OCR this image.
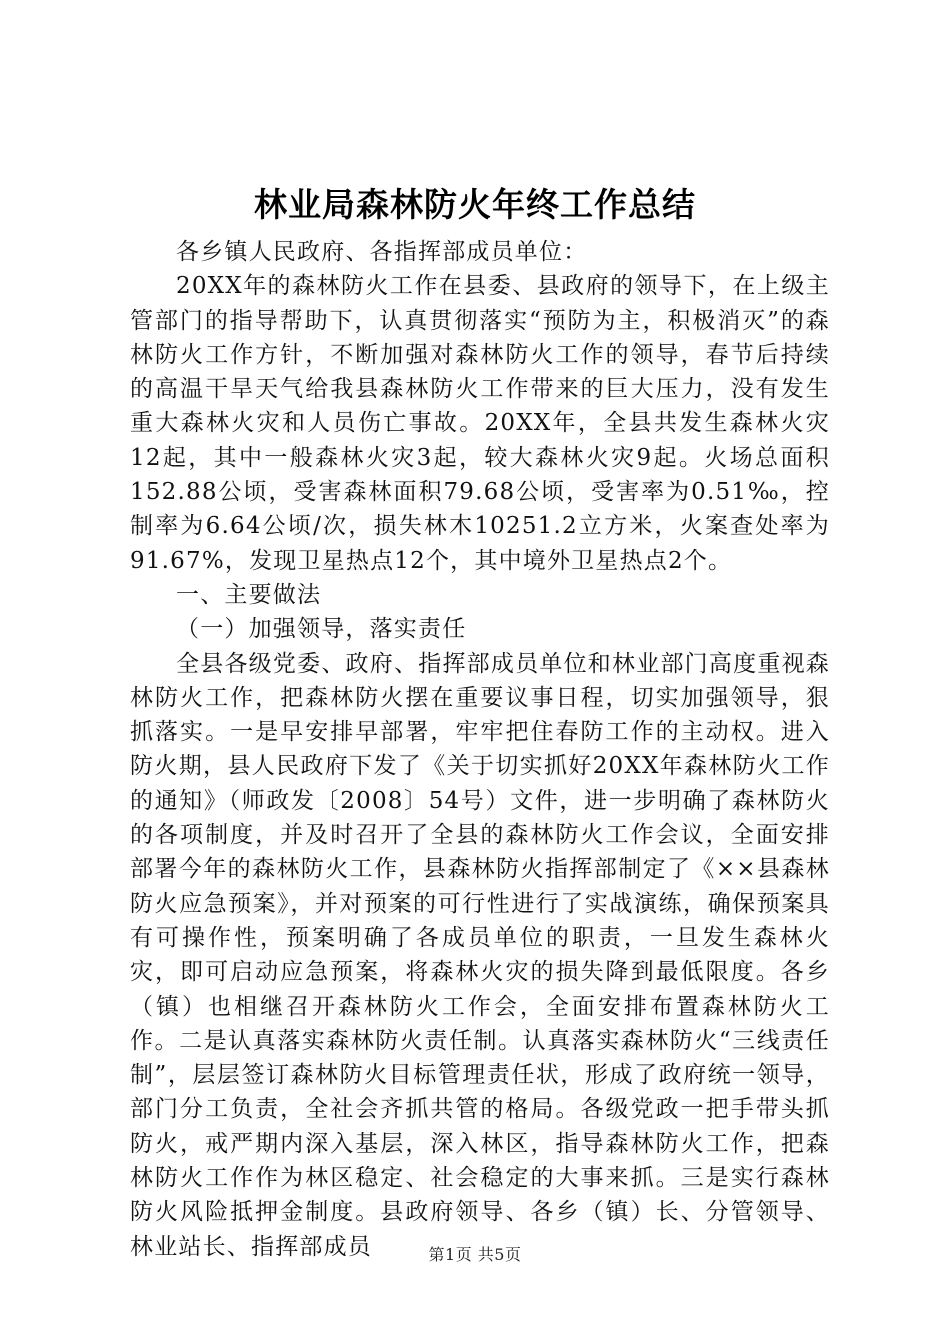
林业局森林防火年终工作总结

各乡镇人民政府、各指挥部成员单位：

20XX年的森林防火工作在县委、县政府的领导下，在上级主管部门的指导帮助下，认真贯彻落实“预防为主，积极消灭”的森林防火工作方针，不断加强对森林防火工作的领导，春节后持续的高温干旱天气给我县森林防火工作带来的巨大压力，没有发生重大森林火灾和人员伤亡事故。20XX年，全县共发生森林火灾12起，其中一般森林火灾3起，较大森林火灾9起。火场总面积152.88公顷，受害森林面积79.68公顷，受害率为0.51‰，控制率为6.64公顷/次，损失林木10251.2立方米，火案查处率为91.67%，发现卫星热点12个，其中境外卫星热点2个。

一、主要做法

（一）加强领导，落实责任

全县各级党委、政府、指挥部成员单位和林业部门高度重视森林防火工作，把森林防火摆在重要议事日程，切实加强领导，狠抓落实。一是早安排早部署，牢牢把住春防工作的主动权。进入防火期，县人民政府下发了《关于切实抓好20XX年森林防火工作的通知》（师政发〔2008〕54号）文件，进一步明确了森林防火的各项制度，并及时召开了全县的森林防火工作会议，全面安排部署今年的森林防火工作，县森林防火指挥部制定了《××县森林防火应急预案》，并对预案的可行性进行了实战演练，确保预案具有可操作性，预案明确了各成员单位的职责，一旦发生森林火灾，即可启动应急预案，将森林火灾的损失降到最低限度。各乡（镇）也相继召开森林防火工作会，全面安排布置森林防火工作。二是认真落实森林防火责任制。认真落实森林防火“三线责任制”，层层签订森林防火目标管理责任状，形成了政府统一领导，部门分工负责，全社会齐抓共管的格局。各级党政一把手带头抓防火，戒严期内深入基层，深入林区，指导森林防火工作，把森林防火工作作为林区稳定、社会稳定的大事来抓。三是实行森林防火风险抵押金制度。县政府领导、各乡（镇）长、分管领导、林业站长、指挥部成员	第1页 共5页
